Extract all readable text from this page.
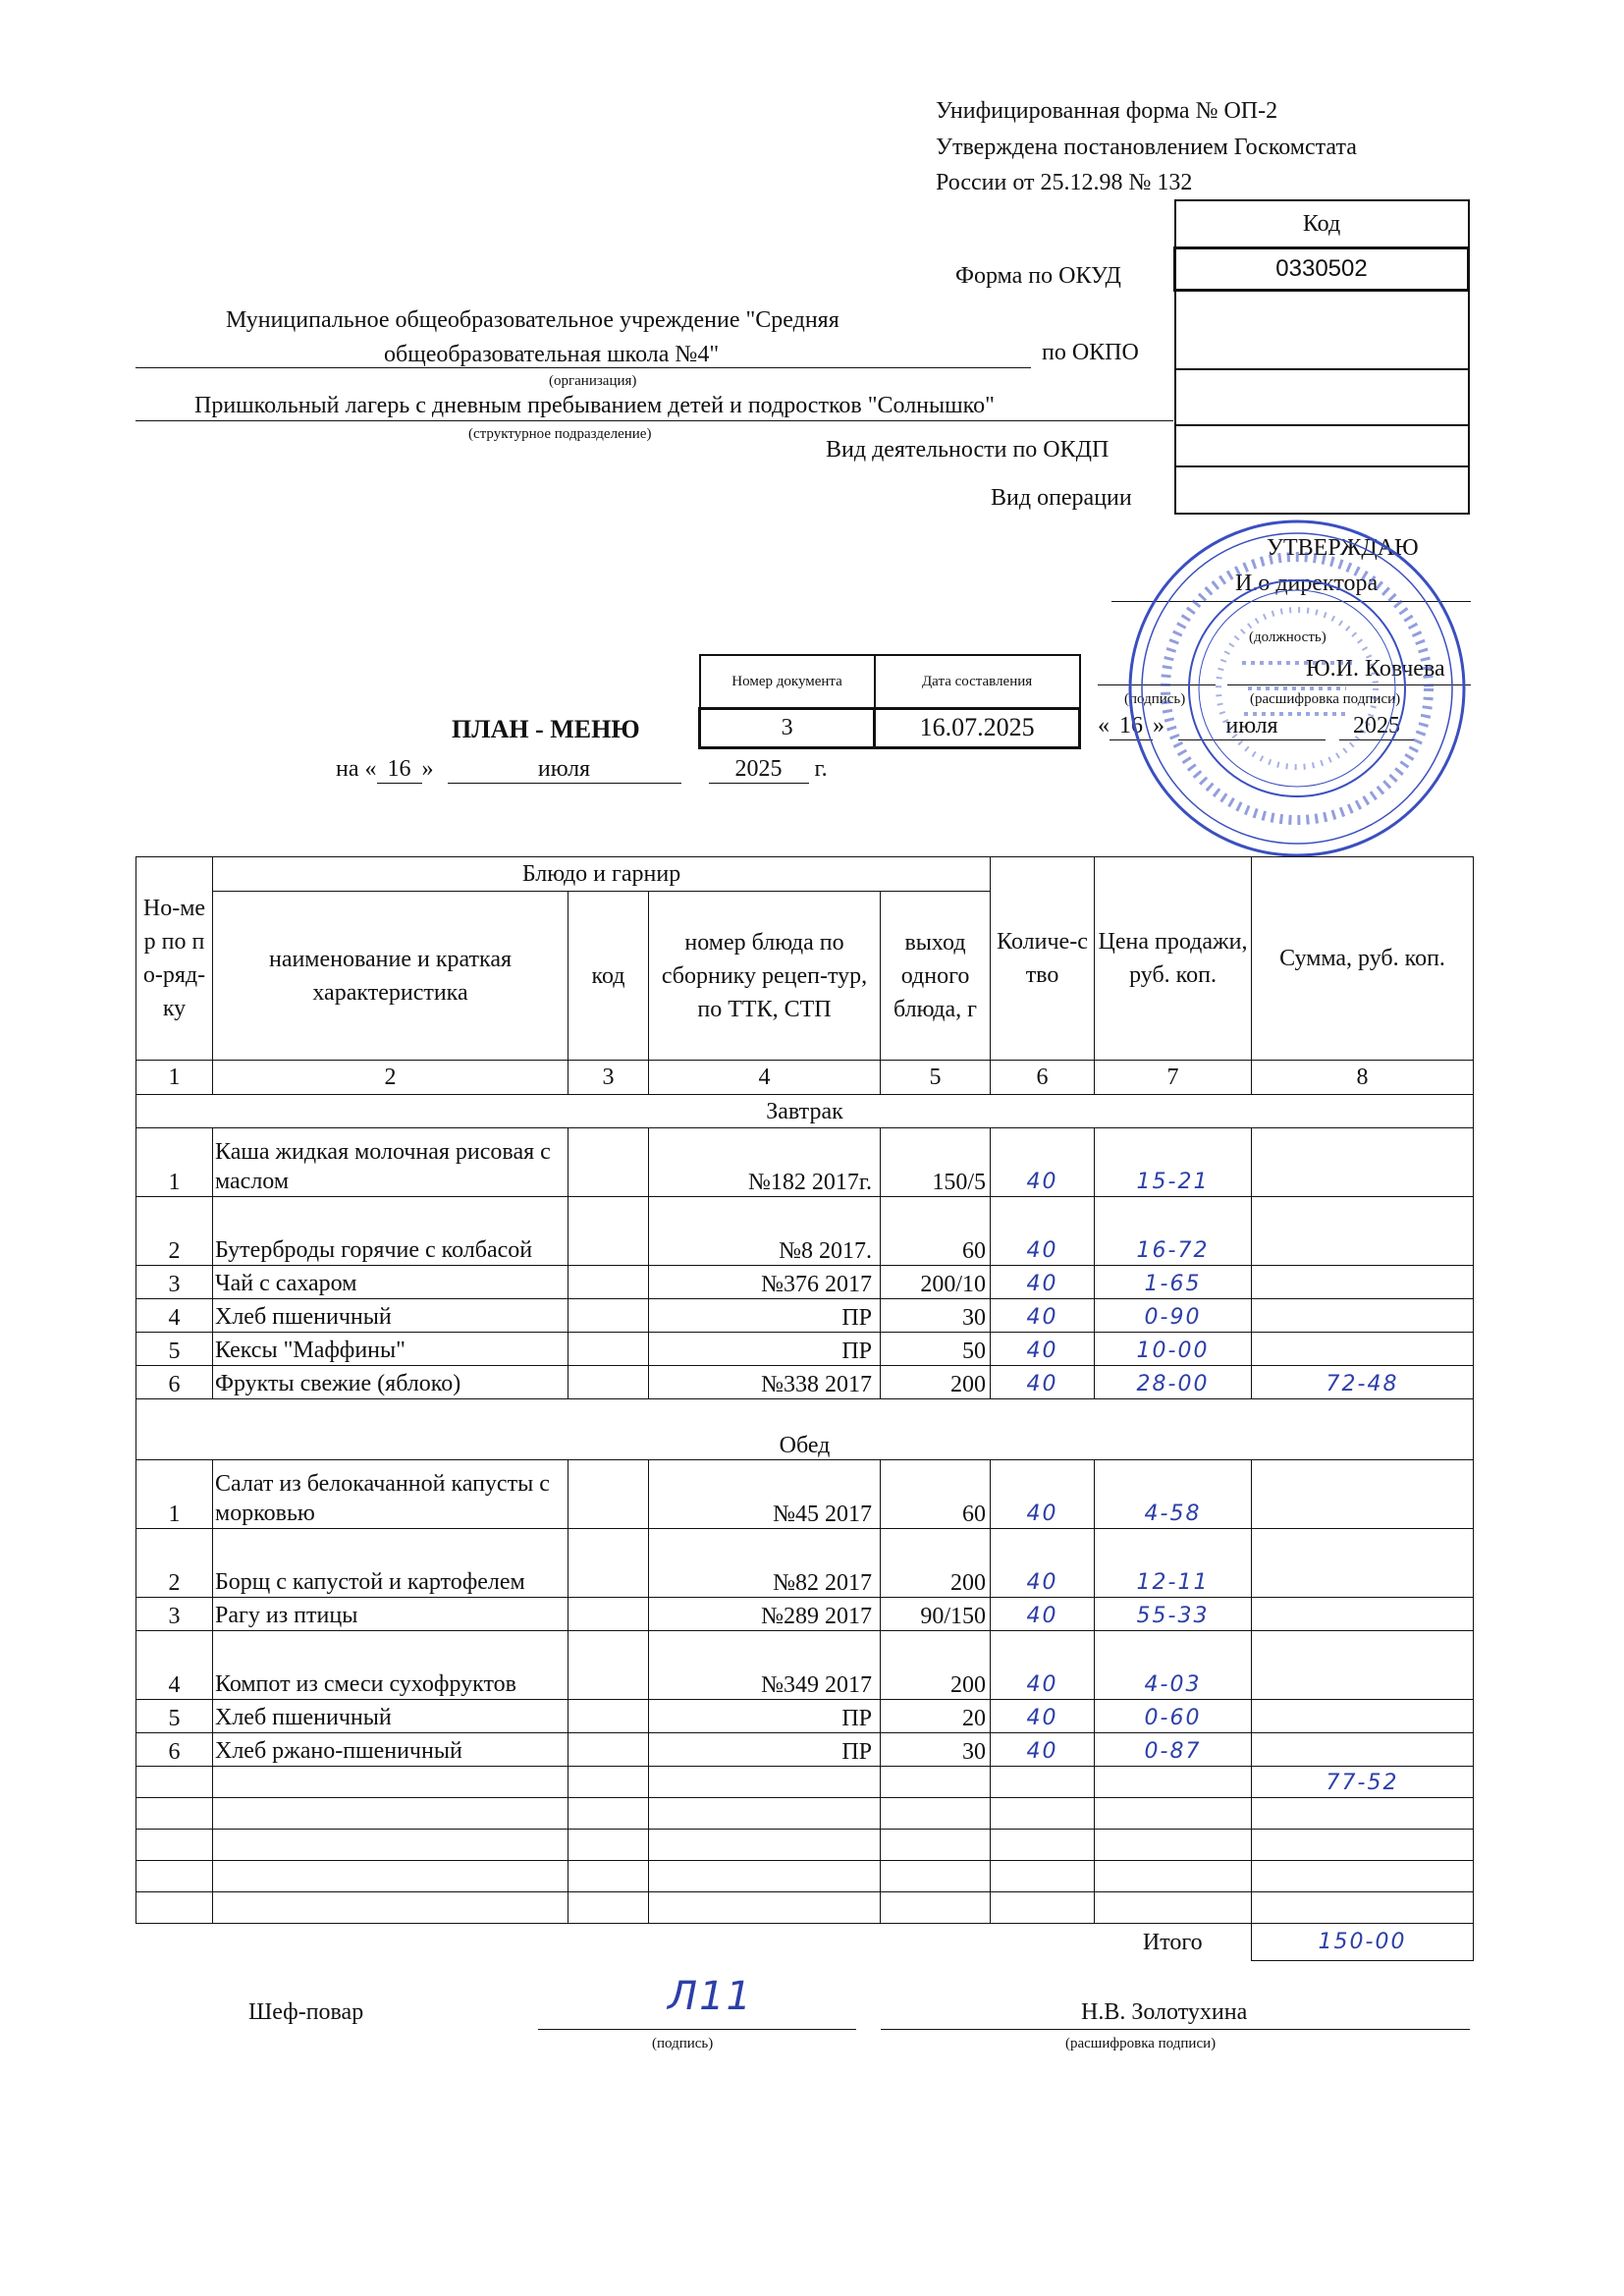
Унифицированная форма № ОП-2
Утверждена постановлением Госкомстата
России от 25.12.98 № 132
Код
0330502

Форма по ОКУД
по ОКПО
Вид деятельности по ОКДП
Вид операции
Муниципальное общеобразовательное учреждение "Средняя
общеобразовательная школа №4"
(организация)
Пришкольный лагерь с дневным пребыванием детей и подростков "Солнышко"
(структурное подразделение)
УТВЕРЖДАЮ
И.о директора
(должность)
Ю.И. Ковчева
(подпись)	(расшифровка подписи)
« 16 »	июля	2025
Номер документа	Дата составления
3	16.07.2025
ПЛАН - МЕНЮ
на « 16 »	июля	2025 г.
Но-мер по по-ряд-ку	Блюдо и гарнир				Количе-ство	Цена продажи, руб. коп.	Сумма, руб. коп.
	наименование и краткая характеристика	код	номер блюда по сборнику рецеп-тур, по ТТК, СТП	выход одного блюда, г			
1	2	3	4	5	6	7	8
Завтрак							
1	Каша жидкая молочная рисовая с маслом		№182 2017г.	150/5	40	15-21	
2	Бутерброды горячие с колбасой		№8 2017.	60	40	16-72	
3	Чай с сахаром		№376 2017	200/10	40	1-65	
4	Хлеб пшеничный		ПР	30	40	0-90	
5	Кексы "Маффины"		ПР	50	40	10-00	
6	Фрукты свежие (яблоко)		№338 2017	200	40	28-00	72-48
Обед							
1	Салат из белокачанной капусты с морковью		№45 2017	60	40	4-58	
2	Борщ с капустой и картофелем		№82 2017	200	40	12-11	
3	Рагу из птицы		№289 2017	90/150	40	55-33	
4	Компот из смеси сухофруктов		№349 2017	200	40	4-03	
5	Хлеб пшеничный		ПР	20	40	0-60	
6	Хлеб ржано-пшеничный		ПР	30	40	0-87	
							77-52

						Итого	150-00
Шеф-повар	Л11
(подпись)
Н.В. Золотухина
(расшифровка подписи)
